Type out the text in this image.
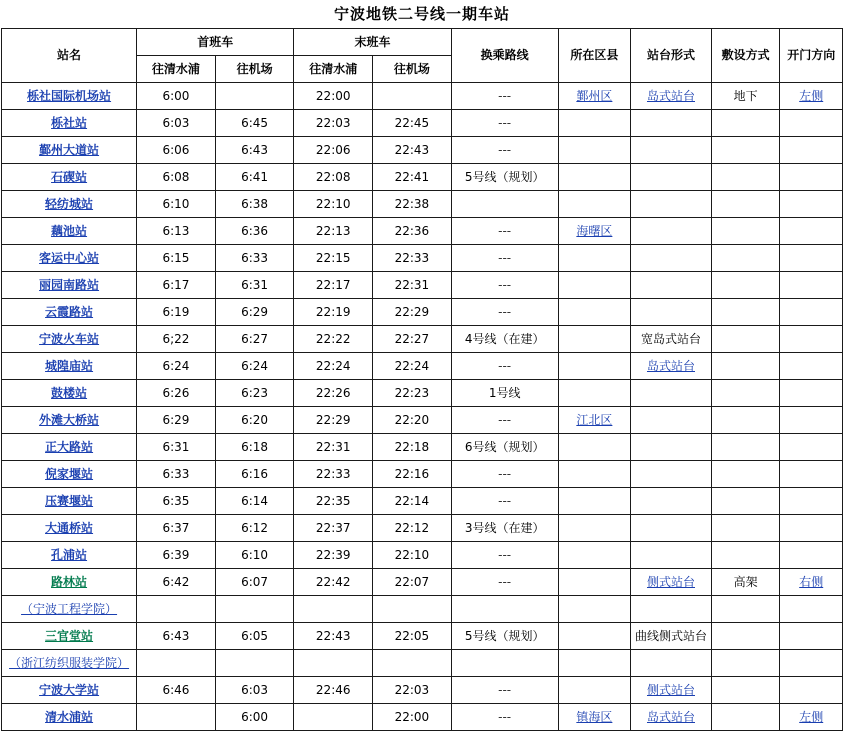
宁波地铁二号线一期车站
站名	首班车		末班车		换乘路线	所在区县	站台形式	敷设方式	开门方向
	往清水浦	往机场	往清水浦	往机场					
栎社国际机场站	6:00		22:00		---	鄞州区	岛式站台	地下	左侧
栎社站	6:03	6:45	22:03	22:45	---				
鄞州大道站	6:06	6:43	22:06	22:43	---				
石碶站	6:08	6:41	22:08	22:41	5号线（规划）				
轻纺城站	6:10	6:38	22:10	22:38					
藕池站	6:13	6:36	22:13	22:36	---	海曙区			
客运中心站	6:15	6:33	22:15	22:33	---				
丽园南路站	6:17	6:31	22:17	22:31	---				
云霞路站	6:19	6:29	22:19	22:29	---				
宁波火车站	6;22	6:27	22:22	22:27	4号线（在建）		宽岛式站台		
城隍庙站	6:24	6:24	22:24	22:24	---		岛式站台		
鼓楼站	6:26	6:23	22:26	22:23	1号线				
外滩大桥站	6:29	6:20	22:29	22:20	---	江北区			
正大路站	6:31	6:18	22:31	22:18	6号线（规划）				
倪家堰站	6:33	6:16	22:33	22:16	---				
压赛堰站	6:35	6:14	22:35	22:14	---				
大通桥站	6:37	6:12	22:37	22:12	3号线（在建）				
孔浦站	6:39	6:10	22:39	22:10	---				
路林站	6:42	6:07	22:42	22:07	---		侧式站台	高架	右侧
（宁波工程学院）									
三官堂站	6:43	6:05	22:43	22:05	5号线（规划）		曲线侧式站台		
（浙江纺织服装学院）									
宁波大学站	6:46	6:03	22:46	22:03	---		侧式站台		
清水浦站		6:00		22:00	---	镇海区	岛式站台		左侧
